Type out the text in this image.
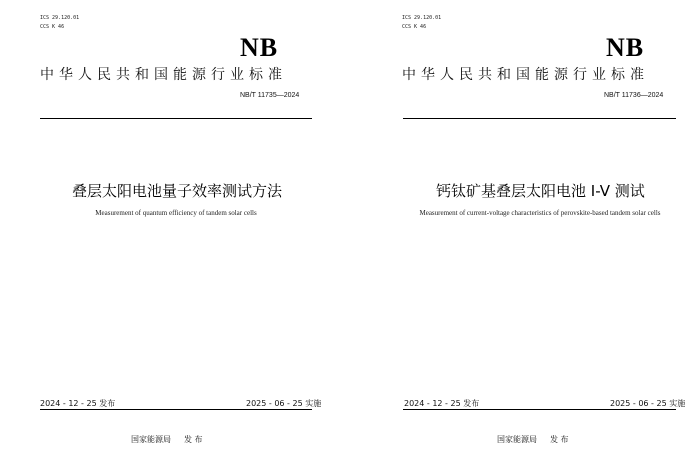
ICS 29.120.01
CCS K 46
NB
中华人民共和国能源行业标准
NB/T 11735—2024
叠层太阳电池量子效率测试方法
Measurement of quantum efficiency of tandem solar cells
2024 - 12 - 25 发布	2025 - 06 - 25 实施
国家能源局 发 布
ICS 29.120.01
CCS K 46
NB
中华人民共和国能源行业标准
NB/T 11736—2024
钙钛矿基叠层太阳电池 I-V 测试
Measurement of current-voltage characteristics of perovskite-based tandem solar cells
2024 - 12 - 25 发布	2025 - 06 - 25 实施
国家能源局 发 布
